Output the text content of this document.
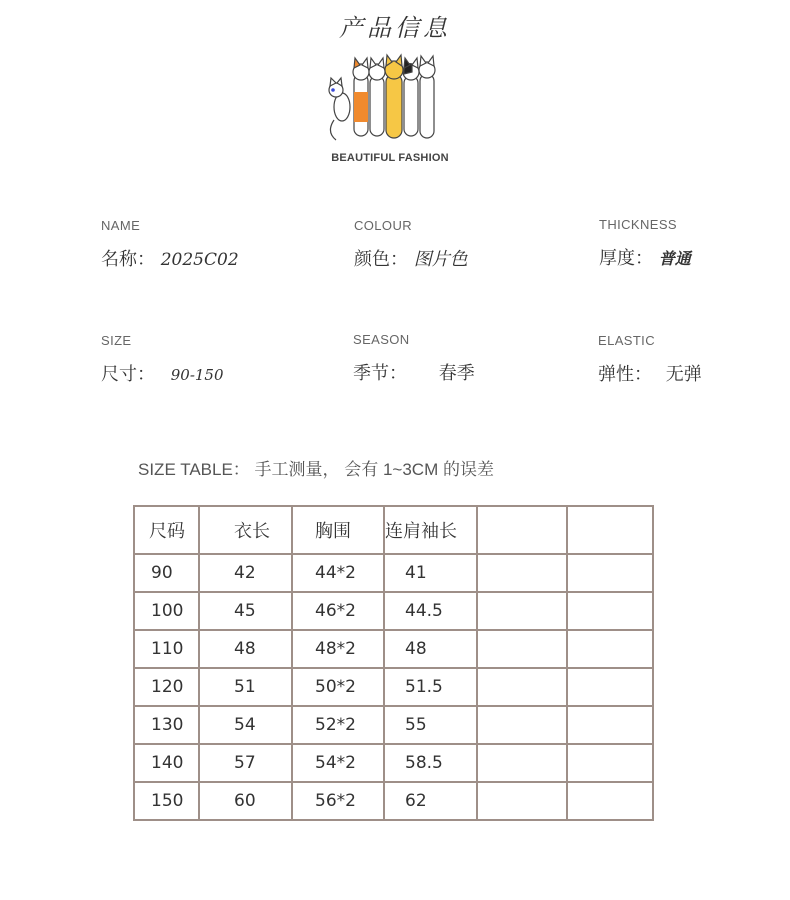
产品信息
BEAUTIFUL FASHION
NAME
名称： 2025C02
COLOUR
颜色： 图片色
THICKNESS
厚度： 普通
SIZE
尺寸： 90-150
SEASON
季节： 春季
ELASTIC
弹性： 无弹
SIZE TABLE： 手工测量， 会有 1~3CM 的误差
尺码	衣长	胸围	连肩袖长		
90	42	44*2	41		
100	45	46*2	44.5		
110	48	48*2	48		
120	51	50*2	51.5		
130	54	52*2	55		
140	57	54*2	58.5		
150	60	56*2	62		
